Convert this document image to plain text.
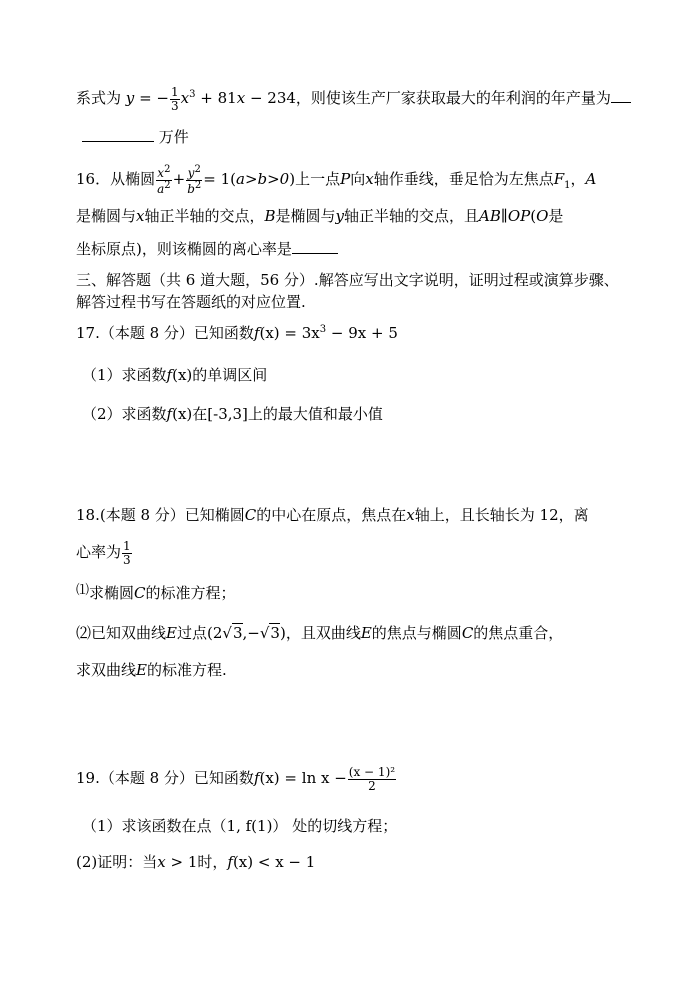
系式为 y = − $\frac{1}{3} x^3 + 81x - 234$，则使该生产厂家获取最大的年利润的年产量为
万件
16．从椭圆 $\frac{x^2}{a^2} + \frac{y^2}{b^2} = 1(a>b>0)$上一点P向x轴作垂线，垂足恰为左焦点$F_1$，A
是椭圆与x轴正半轴的交点，B是椭圆与y轴正半轴的交点，且AB∥OP(O是
坐标原点)，则该椭圆的离心率是
三、解答题（共 6 道大题，56 分）.解答应写出文字说明，证明过程或演算步骤、
解答过程书写在答题纸的对应位置.
17.（本题 8 分）已知函数$f(x) = 3x^3 - 9x + 5$
（1）求函数f(x)的单调区间
（2）求函数f(x)在[-3,3]上的最大值和最小值
18.(本题 8 分）已知椭圆C的中心在原点，焦点在x轴上，且长轴长为 12，离
心率为 $\frac{1}{3}$
⑴求椭圆C的标准方程；
⑵已知双曲线E过点(2√3,−√3)，且双曲线E的焦点与椭圆C的焦点重合，
求双曲线E的标准方程.
19.（本题 8 分）已知函数$f(x) = \ln x - \frac{\text{(x − 1)²}}{2}$
（1）求该函数在点（1, f(1)） 处的切线方程；
(2)证明：当x > 1时，f(x) < x − 1
